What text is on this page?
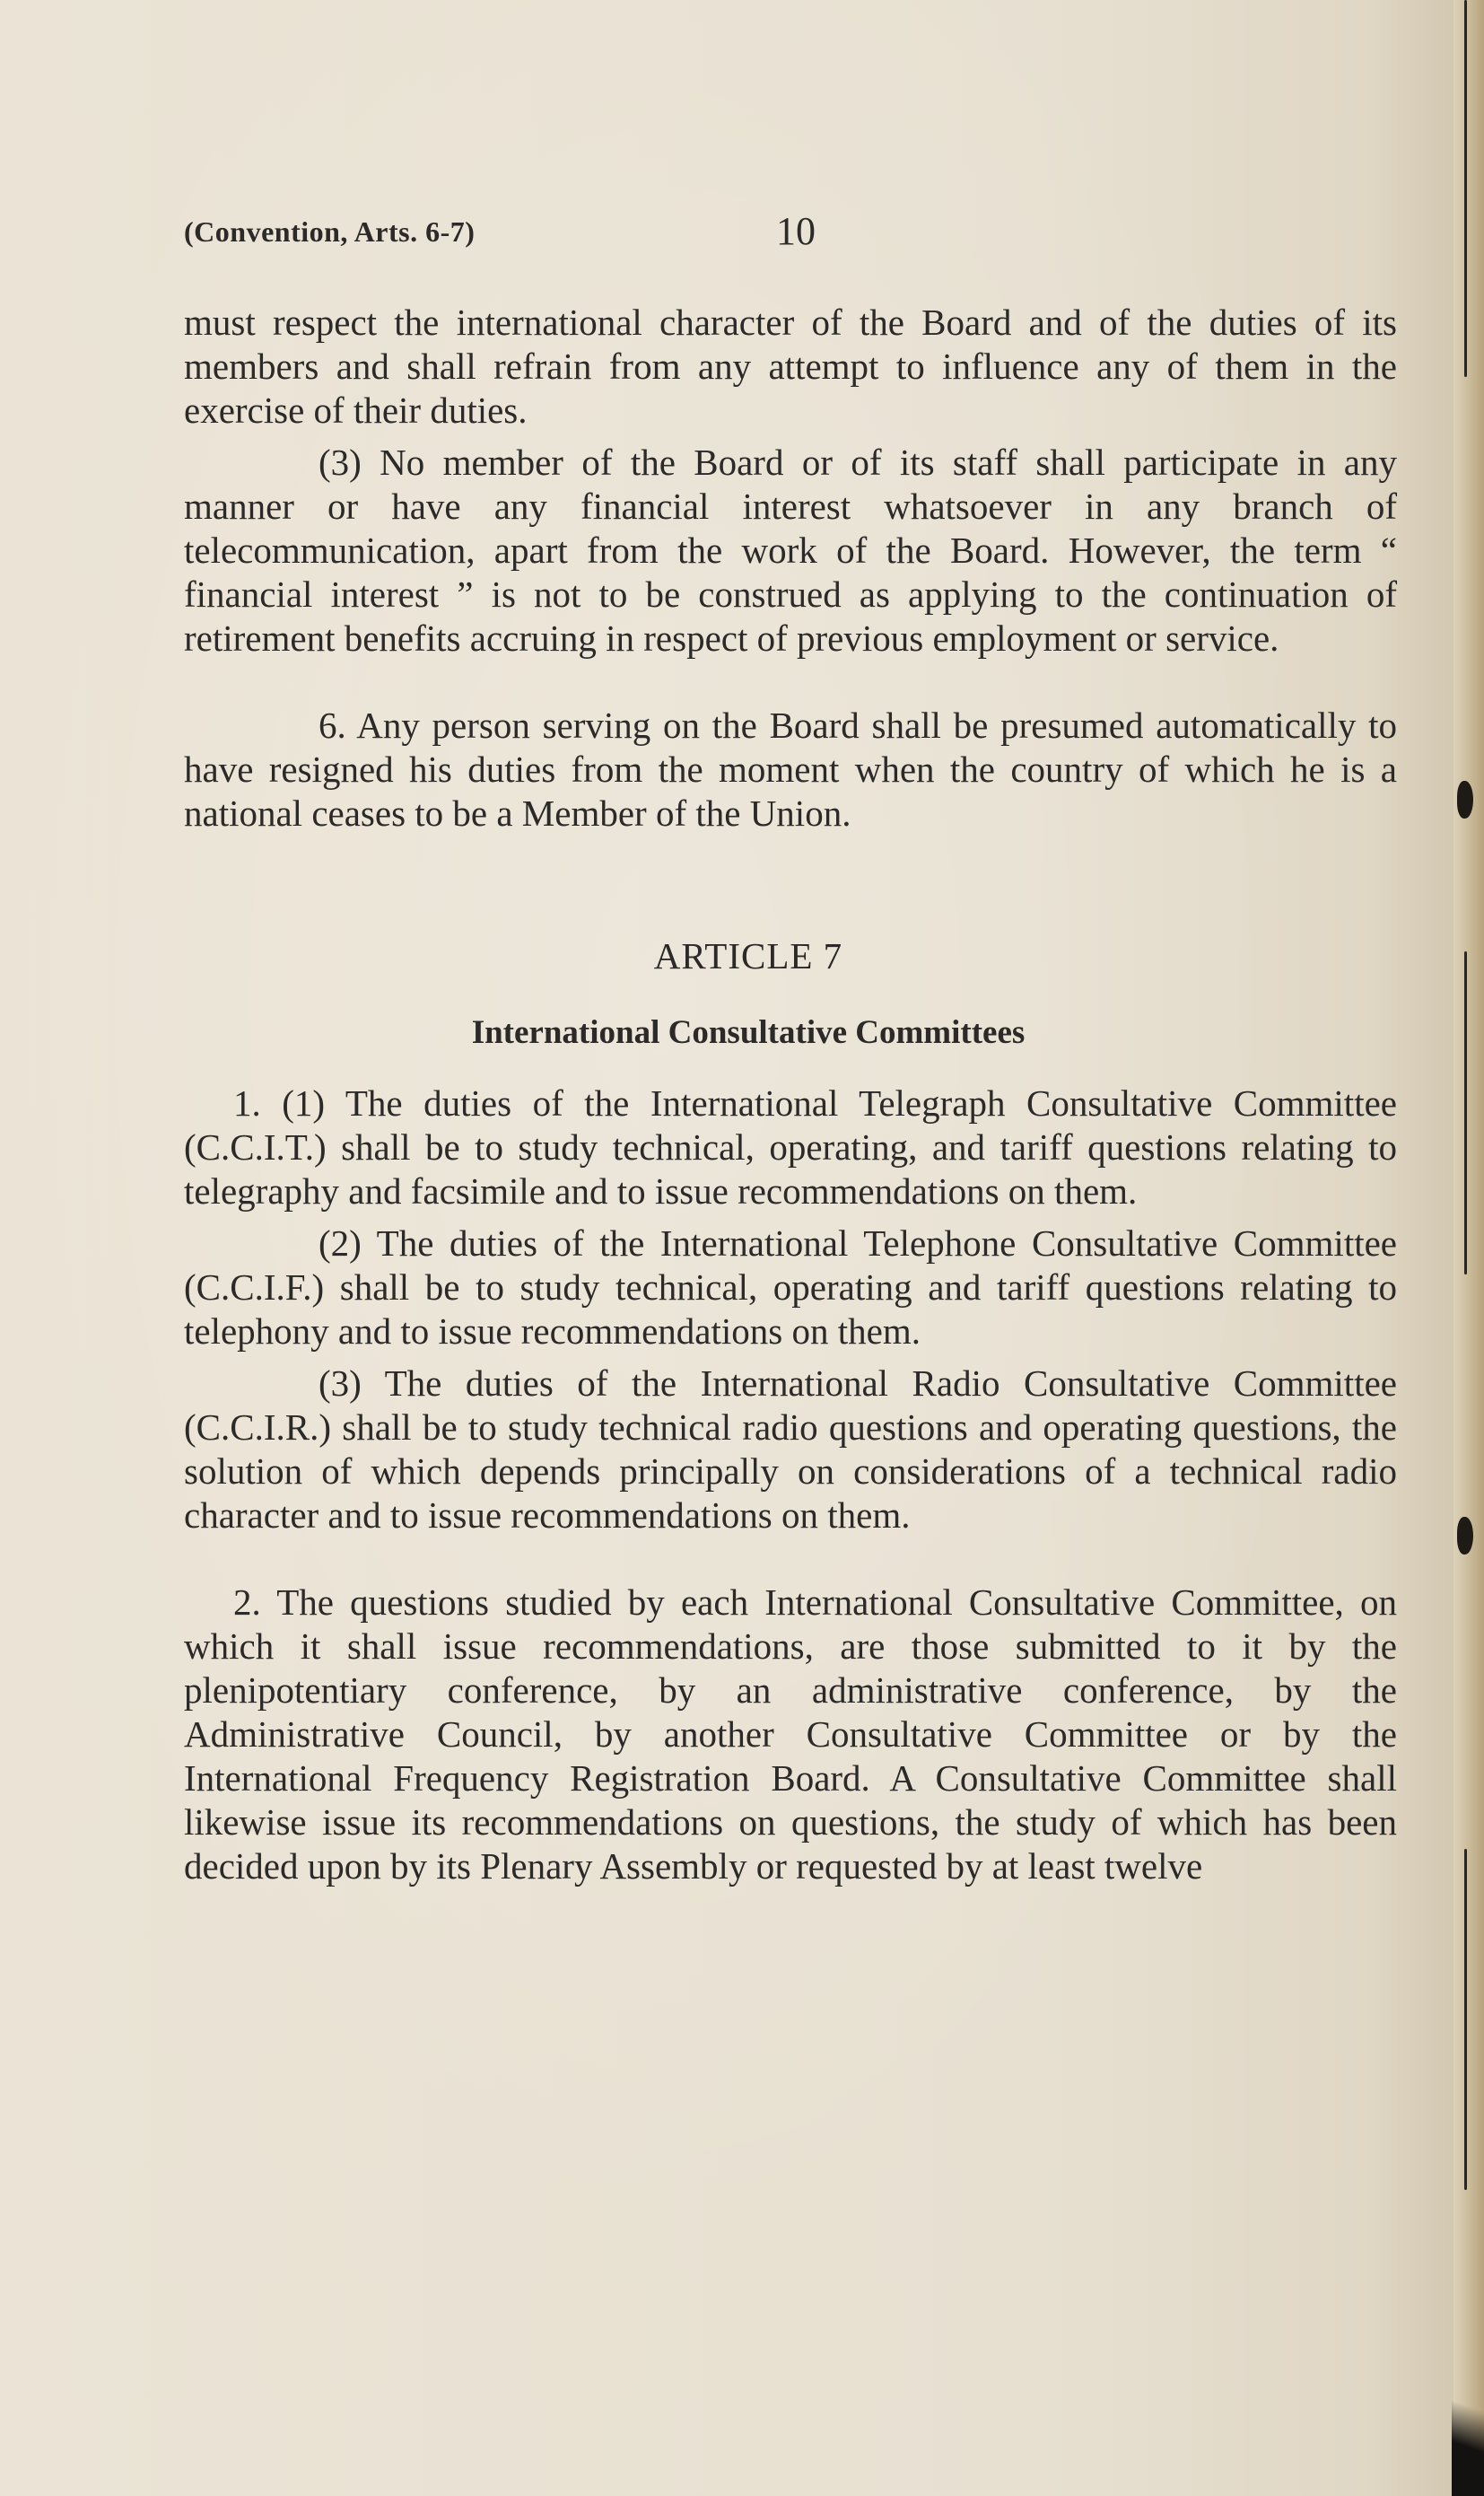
(Convention, Arts. 6-7)	10

must respect the international character of the Board and of the duties of its members and shall refrain from any attempt to influence any of them in the exercise of their duties.

(3) No member of the Board or of its staff shall participate in any manner or have any financial interest whatsoever in any branch of telecommunication, apart from the work of the Board. However, the term “ financial interest ” is not to be construed as applying to the continuation of retirement benefits accruing in respect of previous employment or service.

6. Any person serving on the Board shall be presumed automatically to have resigned his duties from the moment when the country of which he is a national ceases to be a Member of the Union.

ARTICLE 7
International Consultative Committees

1. (1) The duties of the International Telegraph Consultative Committee (C.C.I.T.) shall be to study technical, operating, and tariff questions relating to telegraphy and facsimile and to issue recommendations on them.

(2) The duties of the International Telephone Consultative Committee (C.C.I.F.) shall be to study technical, operating and tariff questions relating to telephony and to issue recommendations on them.

(3) The duties of the International Radio Consultative Committee (C.C.I.R.) shall be to study technical radio questions and operating questions, the solution of which depends principally on considerations of a technical radio character and to issue recommendations on them.

2. The questions studied by each International Consultative Committee, on which it shall issue recommendations, are those submitted to it by the plenipotentiary conference, by an administrative conference, by the Administrative Council, by another Consultative Committee or by the International Frequency Registration Board. A Consultative Committee shall likewise issue its recommendations on questions, the study of which has been decided upon by its Plenary Assembly or requested by at least twelve
